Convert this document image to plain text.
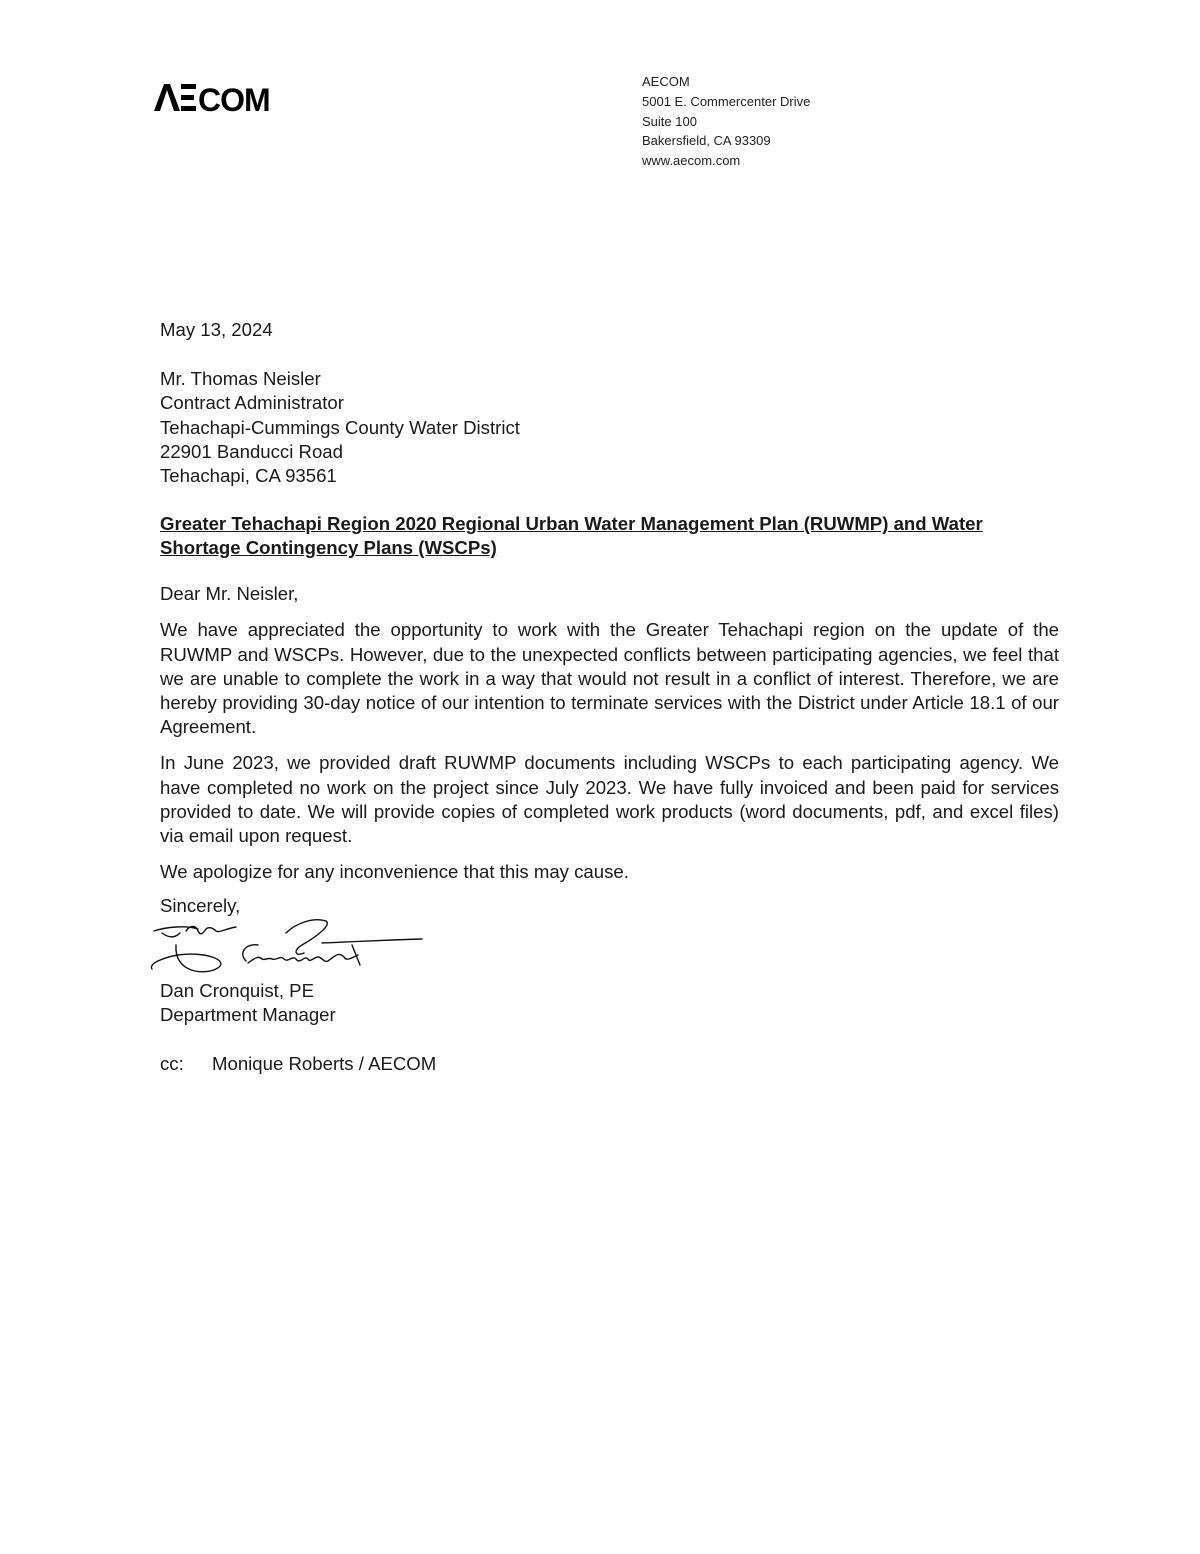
COM
AECOM
5001 E. Commercenter Drive
Suite 100
Bakersfield, CA 93309
www.aecom.com
May 13, 2024
Mr. Thomas Neisler
Contract Administrator
Tehachapi-Cummings County Water District
22901 Banducci Road
Tehachapi, CA 93561
Greater Tehachapi Region 2020 Regional Urban Water Management Plan (RUWMP) and Water Shortage Contingency Plans (WSCPs)
Dear Mr. Neisler,
We have appreciated the opportunity to work with the Greater Tehachapi region on the update of the RUWMP and WSCPs. However, due to the unexpected conflicts between participating agencies, we feel that we are unable to complete the work in a way that would not result in a conflict of interest. Therefore, we are hereby providing 30-day notice of our intention to terminate services with the District under Article 18.1 of our Agreement.
In June 2023, we provided draft RUWMP documents including WSCPs to each participating agency. We have completed no work on the project since July 2023. We have fully invoiced and been paid for services provided to date. We will provide copies of completed work products (word documents, pdf, and excel files) via email upon request.
We apologize for any inconvenience that this may cause.
Sincerely,
Dan Cronquist, PE
Department Manager
cc: Monique Roberts / AECOM
